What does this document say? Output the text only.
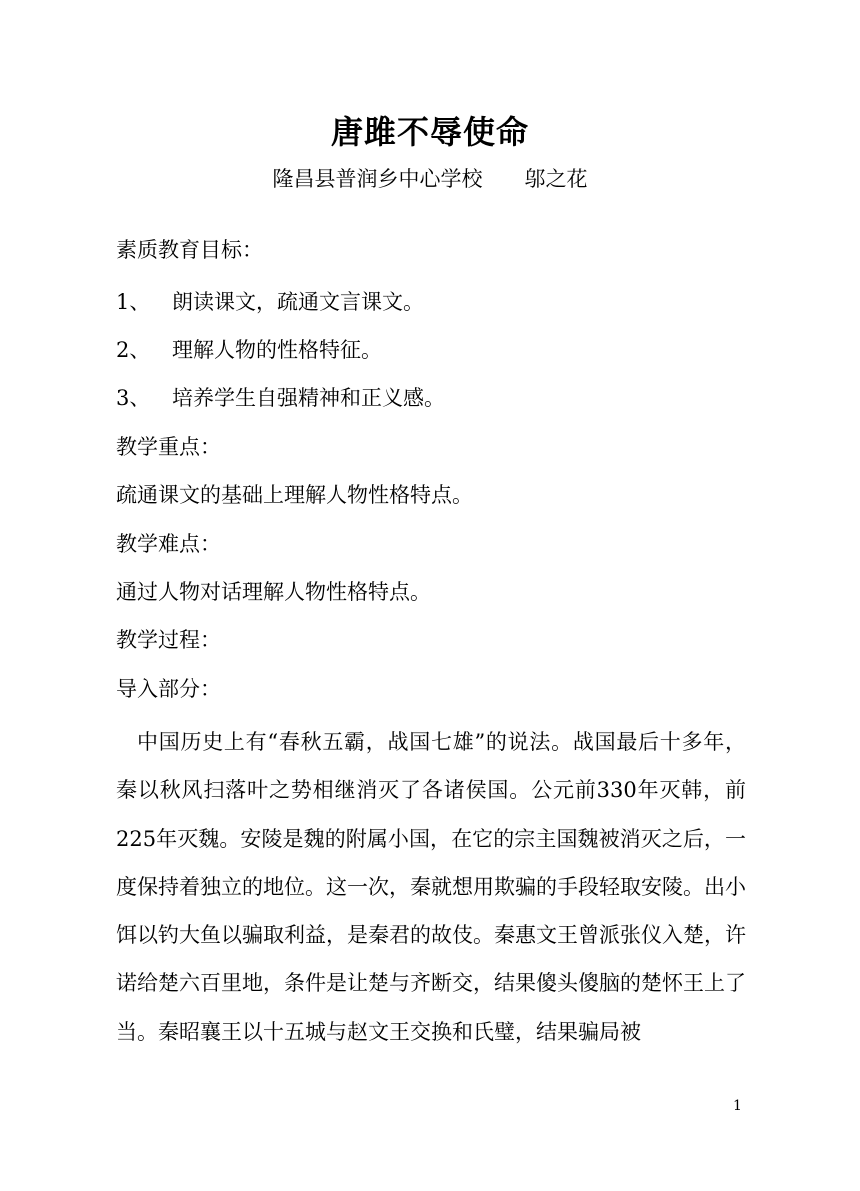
唐雎不辱使命
隆昌县普润乡中心学校 邬之花
素质教育目标：
1、 朗读课文，疏通文言课文。
2、 理解人物的性格特征。
3、 培养学生自强精神和正义感。
教学重点：
疏通课文的基础上理解人物性格特点。
教学难点：
通过人物对话理解人物性格特点。
教学过程：
导入部分：
中国历史上有“春秋五霸，战国七雄”的说法。战国最后十多年，秦以秋风扫落叶之势相继消灭了各诸侯国。公元前330年灭韩，前225年灭魏。安陵是魏的附属小国，在它的宗主国魏被消灭之后，一度保持着独立的地位。这一次，秦就想用欺骗的手段轻取安陵。出小饵以钓大鱼以骗取利益，是秦君的故伎。秦惠文王曾派张仪入楚，许诺给楚六百里地，条件是让楚与齐断交，结果傻头傻脑的楚怀王上了当。秦昭襄王以十五城与赵文王交换和氏璧，结果骗局被
1
